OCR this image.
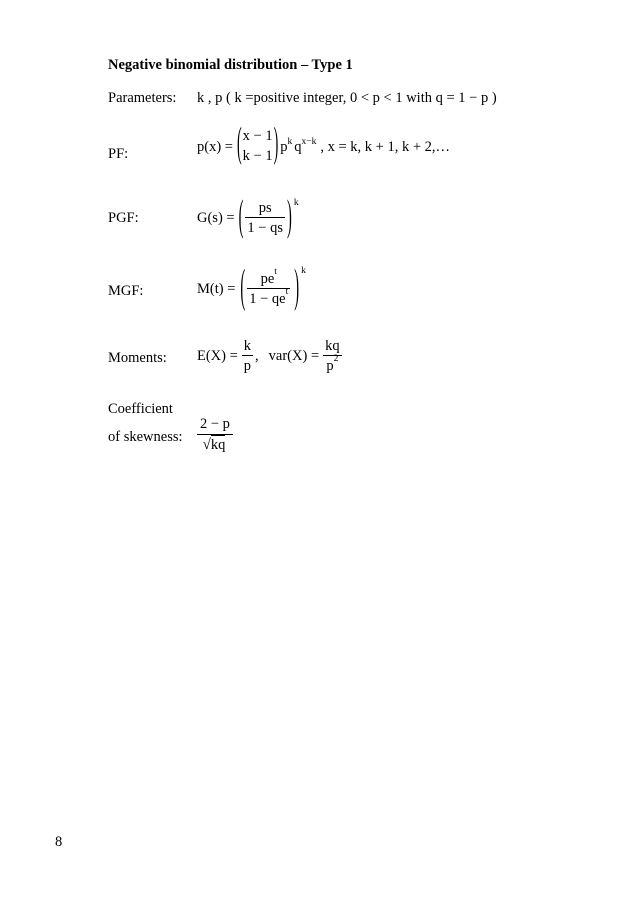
Negative binomial distribution – Type 1
Parameters: k , p ( k =positive integer, 0 < p < 1 with q = 1 − p )
PF:	p(x) = ( x − 1
k − 1 ) $p^k$ $q^{x-k}$ , x = k, k + 1, k + 2,…
PGF:	G(s) = ( $\frac{ps}{1 - qs} )^k$
MGF:	M(t) = ( $\frac{pe^t}{1 - qe^t} )^k$
Moments: $E(X) = \frac{k}{p}$ , $var(X) = \frac{kq}{p^2}$
Coefficient
of skewness: $\frac{2 - p}{√kq}$
8
